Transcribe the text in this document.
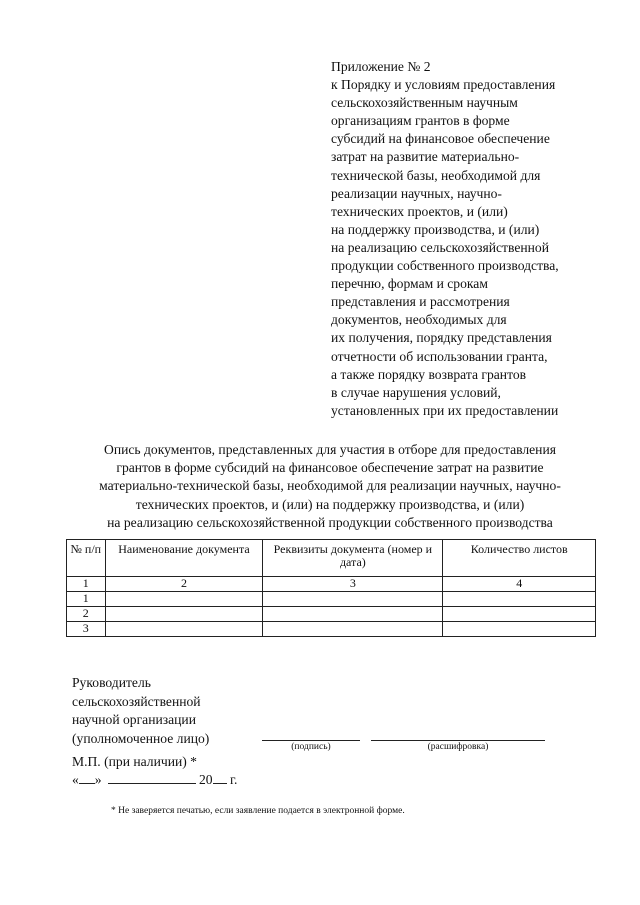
Приложение № 2
к Порядку и условиям предоставления
сельскохозяйственным научным
организациям грантов в форме
субсидий на финансовое обеспечение
затрат на развитие материально-
технической базы, необходимой для
реализации научных, научно-
технических проектов, и (или)
на поддержку производства, и (или)
на реализацию сельскохозяйственной
продукции собственного производства,
перечню, формам и срокам
представления и рассмотрения
документов, необходимых для
их получения, порядку представления
отчетности об использовании гранта,
а также порядку возврата грантов
в случае нарушения условий,
установленных при их предоставлении
Опись документов, представленных для участия в отборе для предоставления
грантов в форме субсидий на финансовое обеспечение затрат на развитие
материально-технической базы, необходимой для реализации научных, научно-
технических проектов, и (или) на поддержку производства, и (или)
на реализацию сельскохозяйственной продукции собственного производства
№ п/п	Наименование документа	Реквизиты документа (номер и дата)	Количество листов
1	2	3	4
1			
2			
3			
Руководитель
сельскохозяйственной
научной организации
(уполномоченное лицо)
(подпись)	(расшифровка)
М.П. (при наличии) *
« »	20 г.
* Не заверяется печатью, если заявление подается в электронной форме.
